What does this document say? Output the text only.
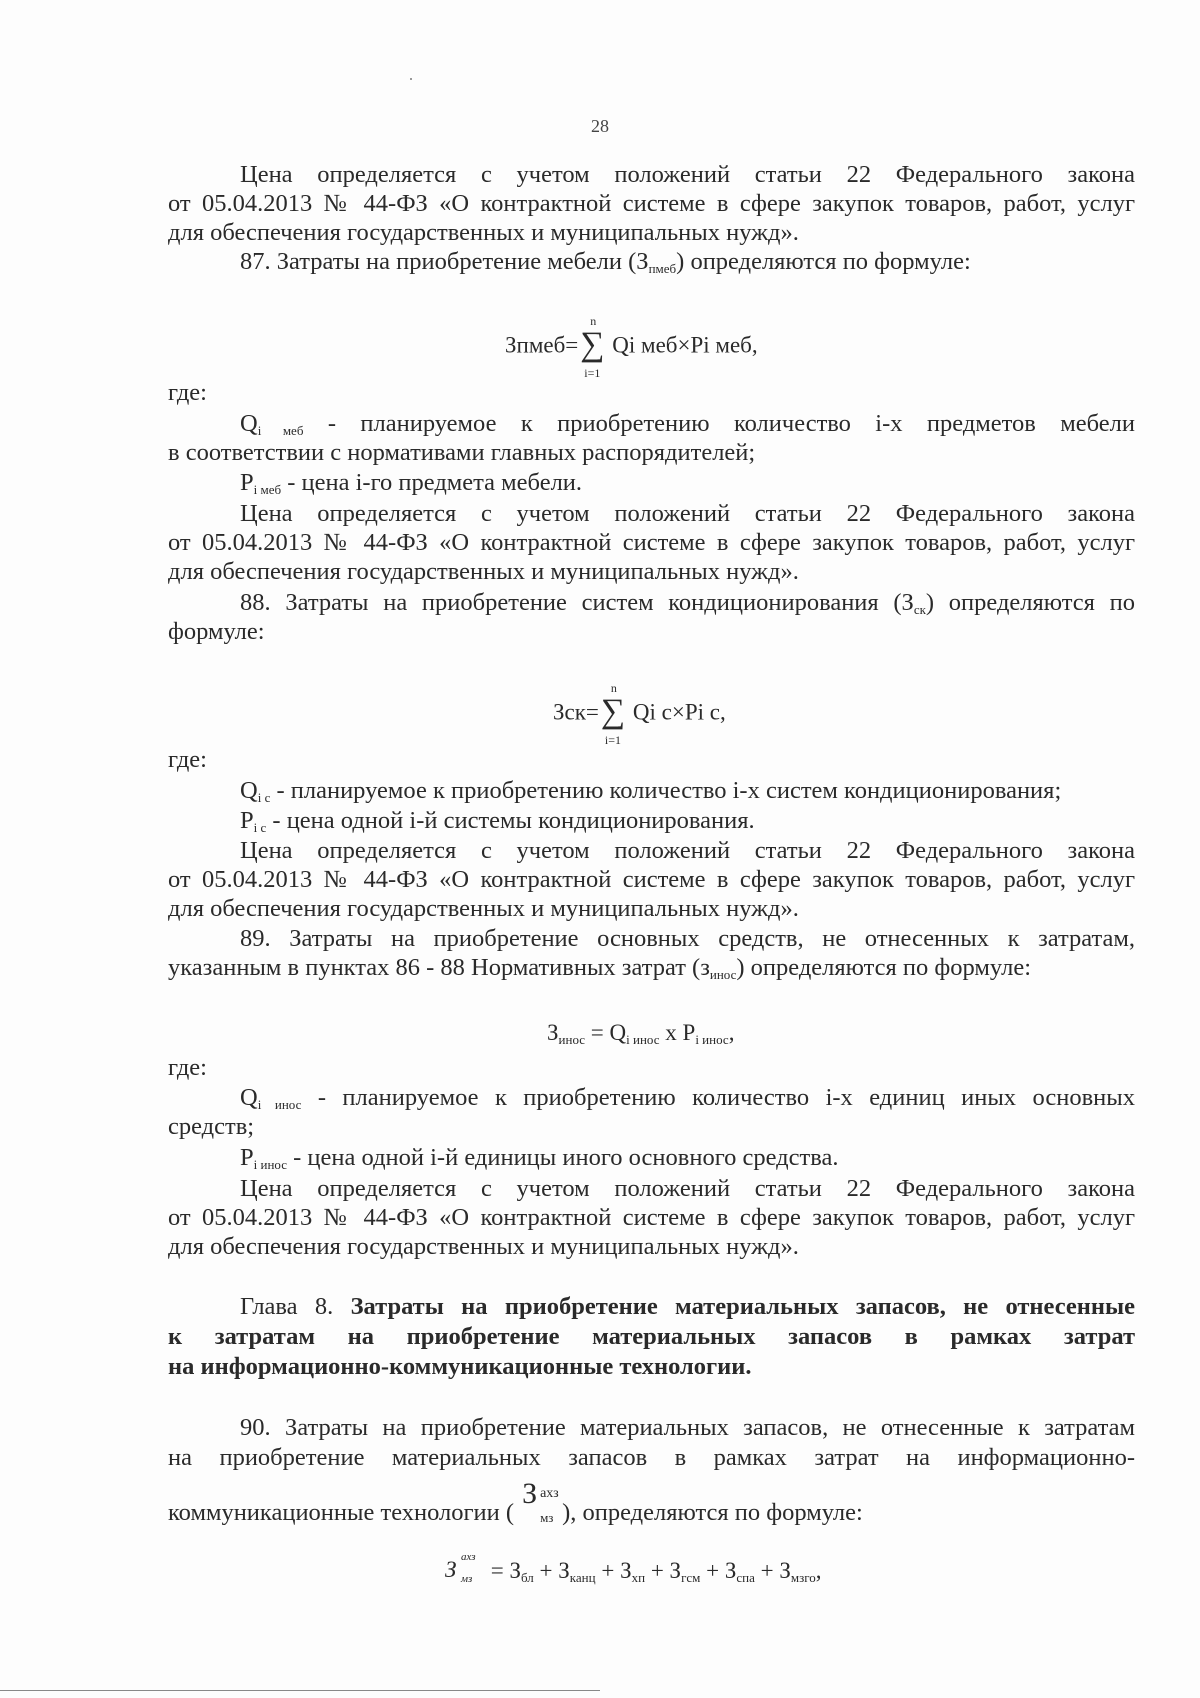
28
Цена определяется с учетом положений статьи 22 Федерального закона
от 05.04.2013 № 44-ФЗ «О контрактной системе в сфере закупок товаров, работ, услуг
для обеспечения государственных и муниципальных нужд».
87. Затраты на приобретение мебели $(З_{пмеб})$ определяются по формуле:
Зпмеб= ∑
n
i=1
Qi меб×Pi меб,
где:
$Q_{i меб}$ - планируемое к приобретению количество i-х предметов мебели
в соответствии с нормативами главных распорядителей;
$P_{i меб}$ - цена i-го предмета мебели.
Цена определяется с учетом положений статьи 22 Федерального закона
от 05.04.2013 № 44-ФЗ «О контрактной системе в сфере закупок товаров, работ, услуг
для обеспечения государственных и муниципальных нужд».
88. Затраты на приобретение систем кондиционирования $(З_{ск})$ определяются по
формуле:
Зск= ∑
n
i=1
Qi c×Pi c,
где:
$Q_{i c}$ - планируемое к приобретению количество i-х систем кондиционирования;
$P_{i c}$ - цена одной i-й системы кондиционирования.
Цена определяется с учетом положений статьи 22 Федерального закона
от 05.04.2013 № 44-ФЗ «О контрактной системе в сфере закупок товаров, работ, услуг
для обеспечения государственных и муниципальных нужд».
89. Затраты на приобретение основных средств, не отнесенных к затратам,
указанным в пунктах 86 - 88 Нормативных затрат $(з_{инос})$ определяются по формуле:
$З_{инос} = Q_{i инос}$ x $P_{i инос}$,
где:
$Q_{i инос}$ - планируемое к приобретению количество i-х единиц иных основных
средств;
$P_{i инос}$ - цена одной i-й единицы иного основного средства.
Цена определяется с учетом положений статьи 22 Федерального закона
от 05.04.2013 № 44-ФЗ «О контрактной системе в сфере закупок товаров, работ, услуг
для обеспечения государственных и муниципальных нужд».
Глава 8. Затраты на приобретение материальных запасов, не отнесенные
к затратам на приобретение материальных запасов в рамках затрат
на информационно-коммуникационные технологии.
90. Затраты на приобретение материальных запасов, не отнесенные к затратам
на приобретение материальных запасов в рамках затрат на информационно-
коммуникационные технологии (
З ахз
мз ), определяются по формуле:
З ахз
мз = $З_{бл} + З_{канц} + З_{хп} + З_{гсм} + З_{спа} + З_{мзго}$,
